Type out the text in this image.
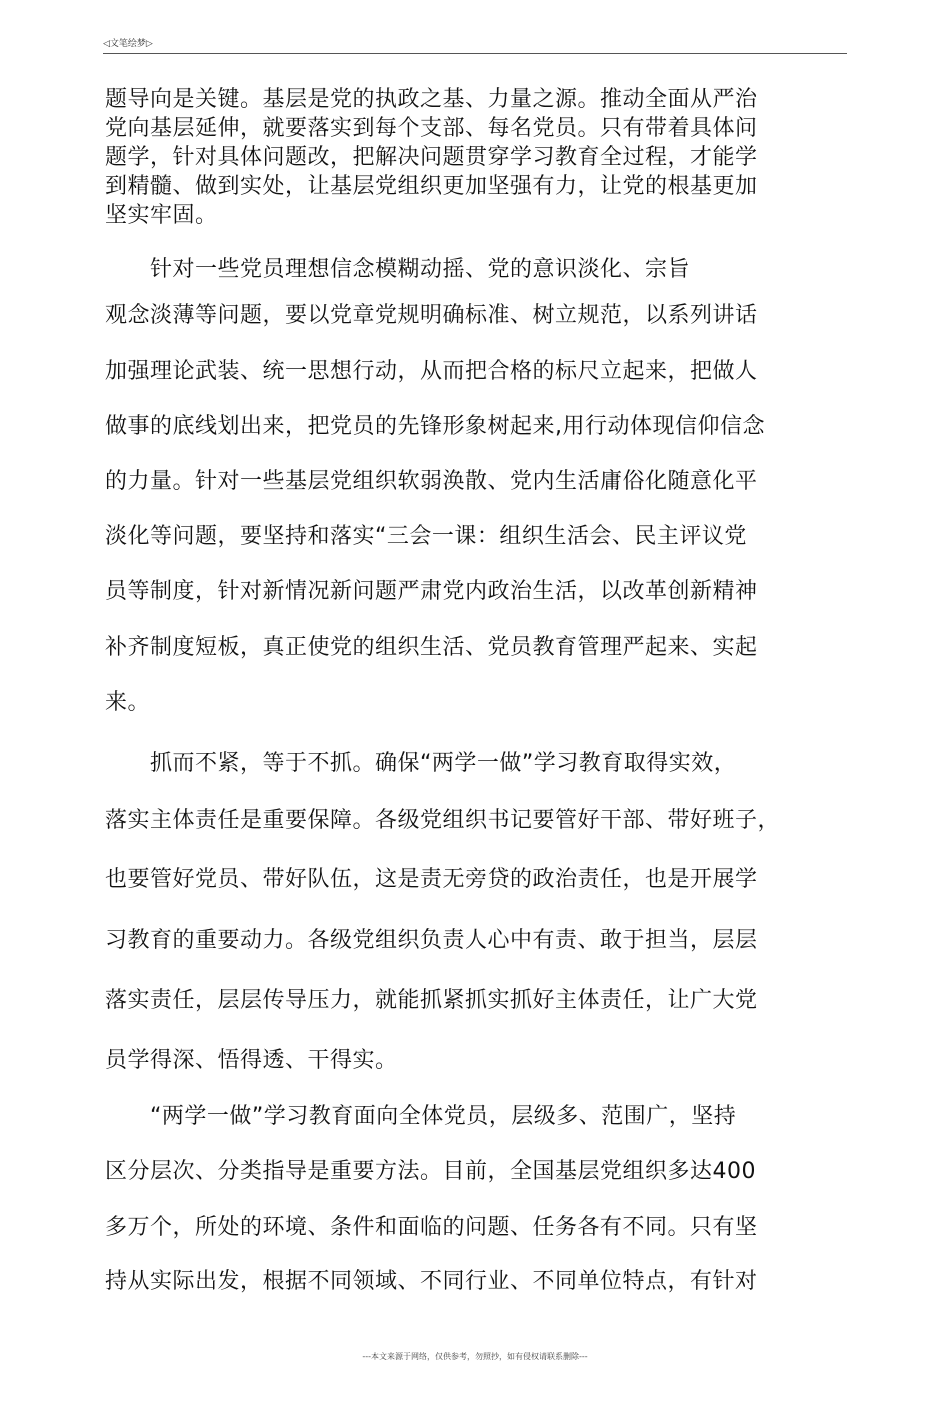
◁文笔绘梦▷
题导向是关键。基层是党的执政之基、力量之源。推动全面从严治
党向基层延伸，就要落实到每个支部、每名党员。只有带着具体问
题学，针对具体问题改，把解决问题贯穿学习教育全过程，才能学
到精髓、做到实处，让基层党组织更加坚强有力，让党的根基更加
坚实牢固。
　　针对一些党员理想信念模糊动摇、党的意识淡化、宗旨
观念淡薄等问题，要以党章党规明确标准、树立规范，以系列讲话
加强理论武装、统一思想行动，从而把合格的标尺立起来，把做人
做事的底线划出来，把党员的先锋形象树起来,用行动体现信仰信念
的力量。针对一些基层党组织软弱涣散、党内生活庸俗化随意化平
淡化等问题，要坚持和落实“三会一课：组织生活会、民主评议党
员等制度，针对新情况新问题严肃党内政治生活，以改革创新精神
补齐制度短板，真正使党的组织生活、党员教育管理严起来、实起
来。
　　抓而不紧，等于不抓。确保“两学一做”学习教育取得实效，
落实主体责任是重要保障。各级党组织书记要管好干部、带好班子，
也要管好党员、带好队伍，这是责无旁贷的政治责任，也是开展学
习教育的重要动力。各级党组织负责人心中有责、敢于担当，层层
落实责任，层层传导压力，就能抓紧抓实抓好主体责任，让广大党
员学得深、悟得透、干得实。
　　“两学一做”学习教育面向全体党员，层级多、范围广，坚持
区分层次、分类指导是重要方法。目前，全国基层党组织多达400
多万个，所处的环境、条件和面临的问题、任务各有不同。只有坚
持从实际出发，根据不同领域、不同行业、不同单位特点，有针对
---本文来源于网络，仅供参考，勿照抄，如有侵权请联系删除---
